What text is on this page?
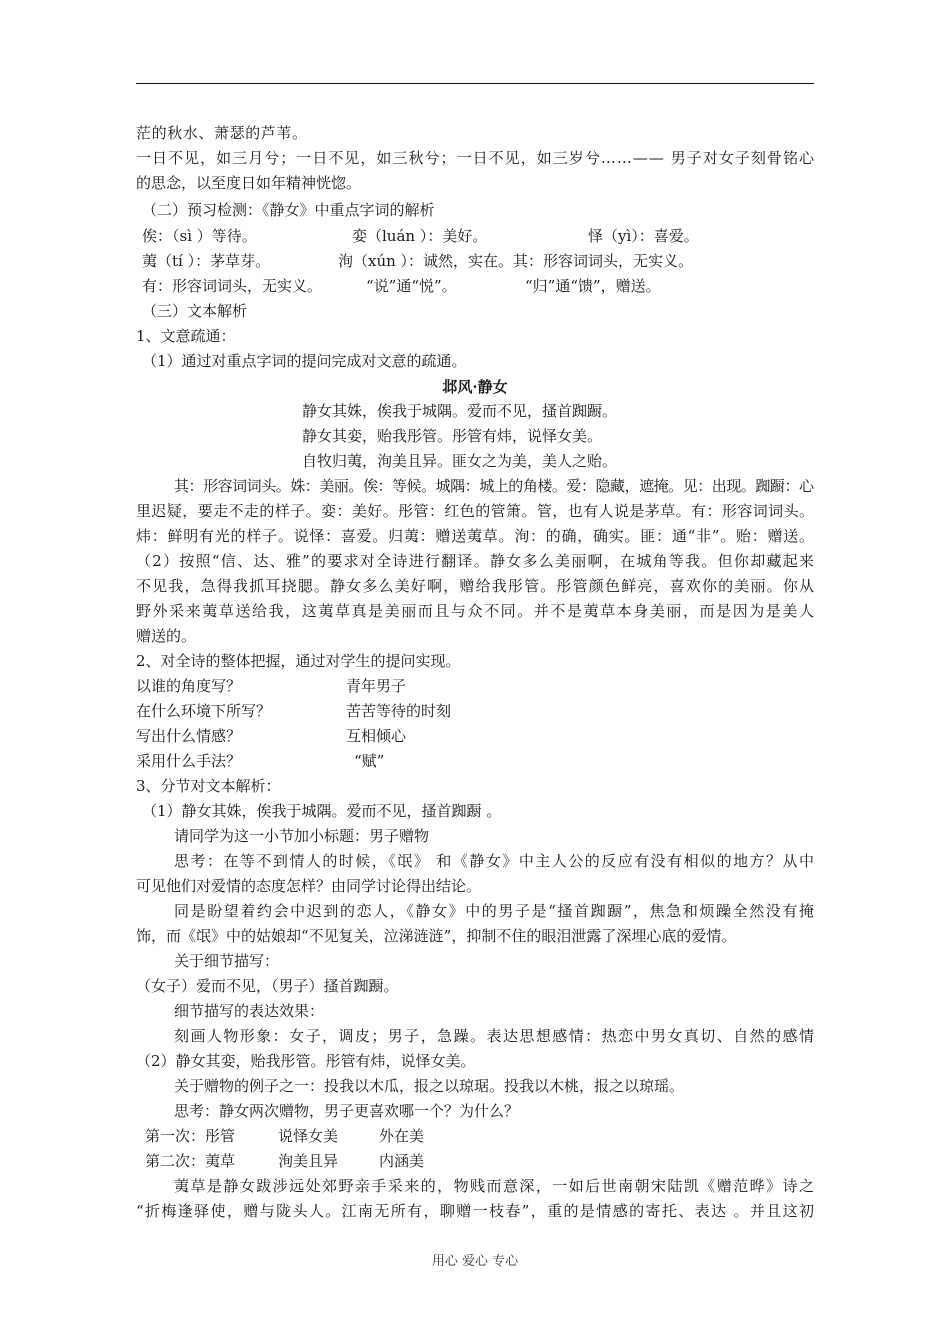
茫的秋水、萧瑟的芦苇。
一日不见，如三月兮；一日不见，如三秋兮；一日不见，如三岁兮……—— 男子对女子刻骨铭心
的思念，以至度日如年精神恍惚。
（二）预习检测：《静女》中重点字词的解析
俟：（sì ）等待。	娈（luán ）：美好。	怿（yì）：喜爱。
荑（tí ）：茅草芽。	洵（xún ）：诚然，实在。其：形容词词头，无实义。
有：形容词词头，无实义。	“说”通“悦”。	“归”通“馈”，赠送。
（三）文本解析
1、文意疏通：
（1）通过对重点字词的提问完成对文意的疏通。
邶风·静女
静女其姝，俟我于城隅。爱而不见，搔首踟蹰。
静女其娈，贻我彤管。彤管有炜，说怿女美。
自牧归荑，洵美且异。匪女之为美，美人之贻。
其：形容词词头。姝：美丽。俟：等候。城隅：城上的角楼。爱：隐藏，遮掩。见：出现。踟蹰：心
里迟疑，要走不走的样子。娈：美好。彤管：红色的管箫。管，也有人说是茅草。有：形容词词头。
炜：鲜明有光的样子。说怿：喜爱。归荑：赠送荑草。洵：的确，确实。匪：通“非”。贻：赠送。
（2）按照“信、达、雅”的要求对全诗进行翻译。静女多么美丽啊，在城角等我。但你却藏起来
不见我，急得我抓耳挠腮。静女多么美好啊，赠给我彤管。彤管颜色鲜亮，喜欢你的美丽。你从
野外采来荑草送给我，这荑草真是美丽而且与众不同。并不是荑草本身美丽，而是因为是美人
赠送的。
2、对全诗的整体把握，通过对学生的提问实现。
以谁的角度写？	青年男子
在什么环境下所写？	苦苦等待的时刻
写出什么情感？	互相倾心
采用什么手法？	“赋”
3、分节对文本解析：
（1）静女其姝，俟我于城隅。爱而不见，搔首踟蹰 。
请同学为这一小节加小标题：男子赠物
思考：在等不到情人的时候，《氓》 和《静女》中主人公的反应有没有相似的地方？从中
可见他们对爱情的态度怎样？由同学讨论得出结论。
同是盼望着约会中迟到的恋人，《静女》中的男子是“搔首踟蹰”，焦急和烦躁全然没有掩
饰，而《氓》中的姑娘却“不见复关，泣涕涟涟”，抑制不住的眼泪泄露了深埋心底的爱情。
关于细节描写：
（女子）爱而不见，（男子）搔首踟蹰。
细节描写的表达效果：
刻画人物形象：女子，调皮；男子，急躁。表达思想感情：热恋中男女真切、自然的感情
（2）静女其娈，贻我彤管。彤管有炜，说怿女美。
关于赠物的例子之一：投我以木瓜，报之以琼琚。投我以木桃，报之以琼瑶。
思考：静女两次赠物，男子更喜欢哪一个？为什么？
第一次：彤管	说怿女美	外在美
第二次：荑草	洵美且异	内涵美
荑草是静女跋涉远处郊野亲手采来的，物贱而意深，一如后世南朝宋陆凯《赠范晔》诗之
“折梅逢驿使，赠与陇头人。江南无所有，聊赠一枝春”，重的是情感的寄托、表达 。并且这初
用心 爱心 专心
